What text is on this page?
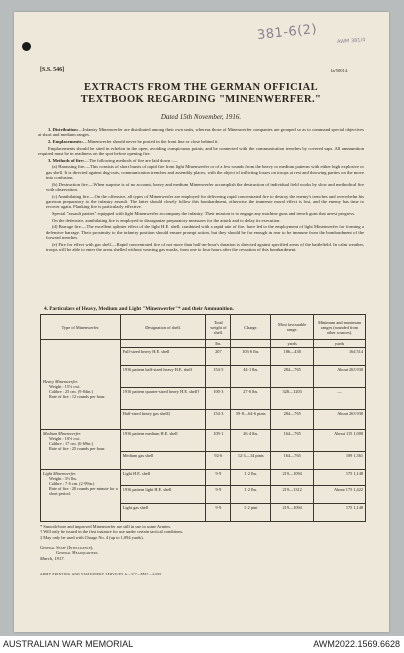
381-6(2)	AWM 381/4
[S.S. 546]	Ia/50014.
EXTRACTS FROM THE GERMAN OFFICIAL
TEXTBOOK REGARDING "MINENWERFER."
Dated 15th November, 1916.

1. Distribution:—Infantry Minenwerfer are distributed among their own units, whereas those of Minenwerfer companies are grouped so as to command special objectives at short and medium ranges.

2. Emplacements:—Minenwerfer should never be posted in the front line or close behind it.

Emplacements should be sited in echelon in the open, avoiding conspicuous points, and be connected with the communication trenches by covered saps. All ammunition required must be in readiness on the spot before opening fire.

3. Methods of fire:—The following methods of fire are laid down :—

(a) Harassing fire.—This consists of short bursts of rapid fire from light Minenwerfer or of a few rounds from the heavy or medium patterns with either high explosive or gas shell. It is directed against dug-outs, communication trenches and assembly places, with the object of inflicting losses on troops at rest and throwing parties on the move into confusion.

(b) Destruction fire.—When surprise is of no account, heavy and medium Minenwerfer accomplish the destruction of individual field works by slow and methodical fire with observation.

(c) Annihilating fire.—On the offensive, all types of Minenwerfer are employed for delivering rapid concentrated fire to destroy the enemy's trenches and overwhelm his garrison preparatory to the infantry assault. The latter should closely follow this bombardment, otherwise the immense moral effect is lost, and the enemy has time to recover again. Flanking fire is particularly effective.

Special "assault parties" equipped with light Minenwerfer accompany the infantry. Their mission is to engage any machine guns and trench guns that arrest progress.

On the defensive, annihilating fire is employed to disorganize preparatory measures for the attack and to delay its execution.

(d) Barrage fire.—The excellent splinter effect of the light H.E. shell, combined with a rapid rate of fire, have led to the employment of light Minenwerfer for forming a defensive barrage. Their proximity to the infantry position should ensure prompt action, but they should be far enough in rear to be immune from the bombardment of the forward trenches.

(e) Fire for effect with gas shell.—Rapid concentrated fire of not more than half-an-hour's duration is directed against specified areas of the battlefield. In calm weather, troops will be able to enter the areas shelled without wearing gas masks, from one to four hours after the cessation of this bombardment.

4. Particulars of Heavy, Medium and Light "Minenwerfer"* and their Ammunition.
Type of Minenwerfer.	Designation of shell.	Total weight of shell.	Charge.	Most favourable range.	Minimum and maximum ranges (rounded from other sources).

Heavy Minenwerfer.
Weight : 15½ cwt.
Calibre : 25 cm. (9·84in.)
Rate of fire : 12 rounds per hour.		lbs.		yards	yards
	Full-sized heavy H.E. shell	207	103·6 lbs.	186—438	164 514
	1916 pattern half-sized heavy H.E. shell	154·5	44·1 lbs.	284—765	About 263 930
	1916 pattern quarter-sized heavy H.E. shell†	100·3	27·6 lbs.	328—1203	—
	Half-sized heavy gas shell‡	154·3	59·8—64·6 pints	284—765	About 263 930

Medium Minenwerfer.
Weight : 10½ cwt.
Calibre : 17 cm. (6·69in.)
Rate of fire : 25 rounds per hour.	1916 pattern medium H.E. shell	109·1	26·4 lbs.	164—765	About 115 1,000
	Medium gas shell	92·6	12·3—14 pints	164—765	109 1,361

Light Minenwerfer.
Weight : 3½ lbs.
Calibre : 7·6 cm. (2·99in.)
Rate of fire : 20 rounds per minute for a short period.	Light H.E. shell	9·9	1·2 lbs.	219—1094	175 1,148
	1916 pattern light H.E. shell	9·9	1·2 lbs.	219—1312	About 175 1,422
	Light gas shell	9·9	1·2 pint	219—1094	175 1,148

* Smooth-bore and improved Minenwerfer are still in use in some Armies.

† Will only be issued in the first instance for use under certain tactical conditions.

‡ May only be used with Charge No. 4 (up to 1,094 yards).

General Staff (Intelligence),
General Headquarters.
March, 1917.
ARMY PRINTING AND STATIONERY SERVICES A—377—8867—4,000
AUSTRALIAN WAR MEMORIAL	AWM2022.1569.6628
